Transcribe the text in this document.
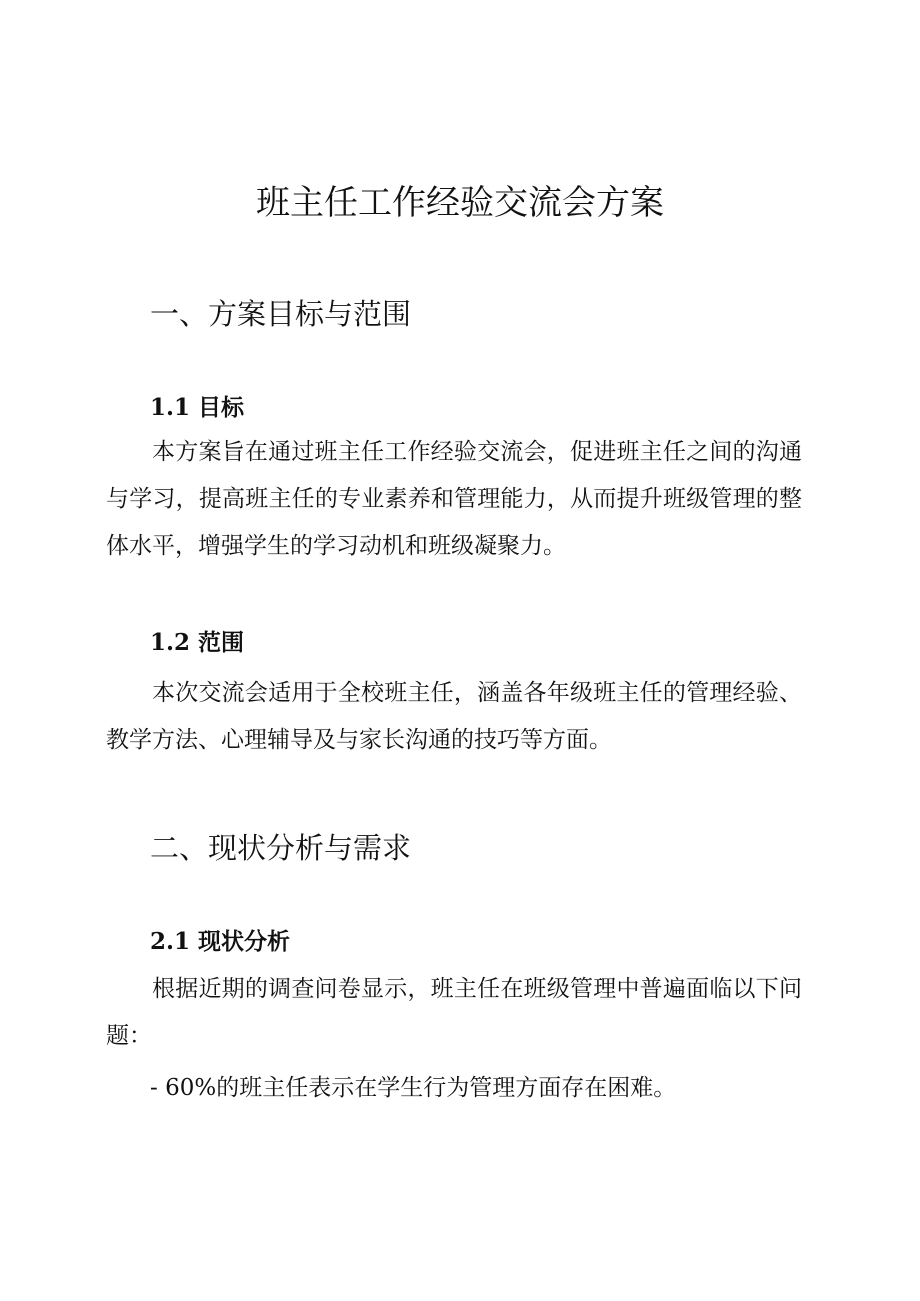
班主任工作经验交流会方案
一、方案目标与范围
1.1 目标

本方案旨在通过班主任工作经验交流会，促进班主任之间的沟通与学习，提高班主任的专业素养和管理能力，从而提升班级管理的整体水平，增强学生的学习动机和班级凝聚力。

1.2 范围

本次交流会适用于全校班主任，涵盖各年级班主任的管理经验、教学方法、心理辅导及与家长沟通的技巧等方面。

二、现状分析与需求
2.1 现状分析

根据近期的调查问卷显示，班主任在班级管理中普遍面临以下问题：

- 60%的班主任表示在学生行为管理方面存在困难。
